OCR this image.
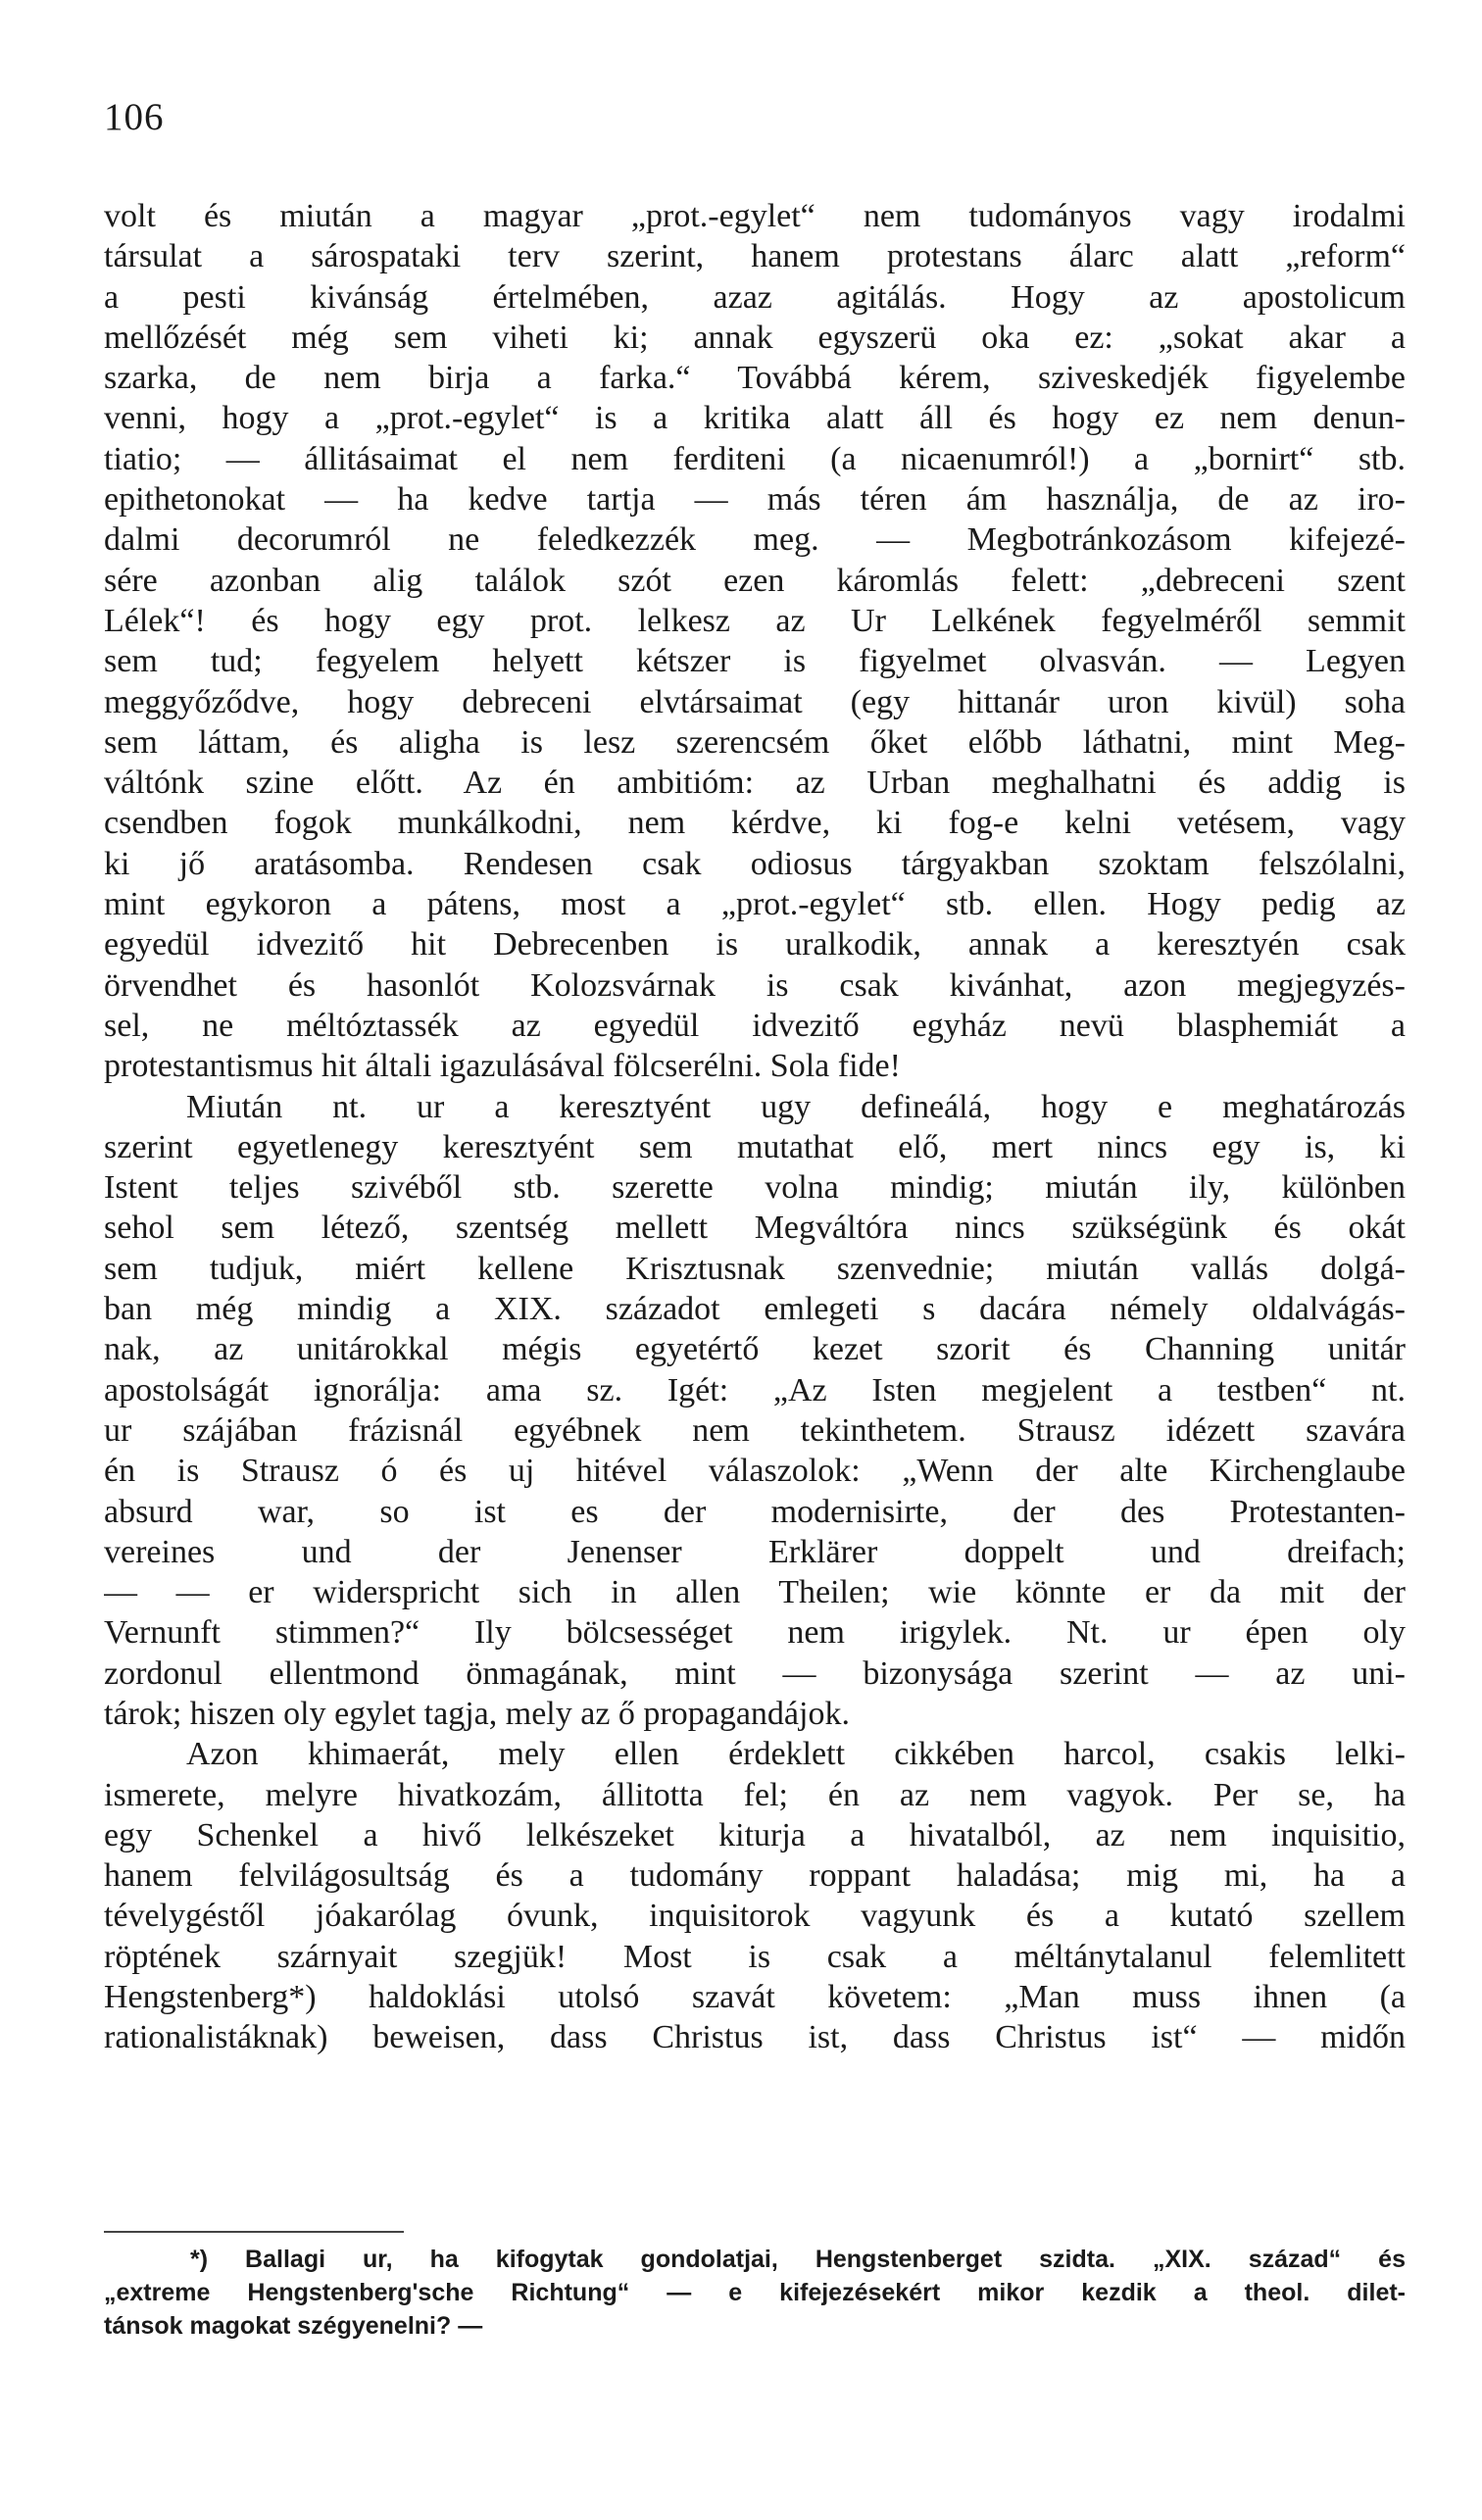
106
volt és miután a magyar „prot.-egylet“ nem tudományos vagy irodalmi
társulat a sárospataki terv szerint, hanem protestans álarc alatt „reform“
a pesti kivánság értelmében, azaz agitálás. Hogy az apostolicum
mellőzését még sem viheti ki; annak egyszerü oka ez: „sokat akar a
szarka, de nem birja a farka.“ Továbbá kérem, sziveskedjék figyelembe
venni, hogy a „prot.-egylet“ is a kritika alatt áll és hogy ez nem denun-
tiatio; — állitásaimat el nem ferditeni (a nicaenumról!) a „bornirt“ stb.
epithetonokat — ha kedve tartja — más téren ám használja, de az iro-
dalmi decorumról ne feledkezzék meg. — Megbotránkozásom kifejezé-
sére azonban alig találok szót ezen káromlás felett: „debreceni szent
Lélek“! és hogy egy prot. lelkesz az Ur Lelkének fegyelméről semmit
sem tud; fegyelem helyett kétszer is figyelmet olvasván. — Legyen
meggyőződve, hogy debreceni elvtársaimat (egy hittanár uron kivül) soha
sem láttam, és aligha is lesz szerencsém őket előbb láthatni, mint Meg-
váltónk szine előtt. Az én ambitióm: az Urban meghalhatni és addig is
csendben fogok munkálkodni, nem kérdve, ki fog-e kelni vetésem, vagy
ki jő aratásomba. Rendesen csak odiosus tárgyakban szoktam felszólalni,
mint egykoron a pátens, most a „prot.-egylet“ stb. ellen. Hogy pedig az
egyedül idvezitő hit Debrecenben is uralkodik, annak a keresztyén csak
örvendhet és hasonlót Kolozsvárnak is csak kivánhat, azon megjegyzés-
sel, ne méltóztassék az egyedül idvezitő egyház nevü blasphemiát a
protestantismus hit általi igazulásával fölcserélni. Sola fide!
Miután nt. ur a keresztyént ugy defineálá, hogy e meghatározás
szerint egyetlenegy keresztyént sem mutathat elő, mert nincs egy is, ki
Istent teljes szivéből stb. szerette volna mindig; miután ily, különben
sehol sem létező, szentség mellett Megváltóra nincs szükségünk és okát
sem tudjuk, miért kellene Krisztusnak szenvednie; miután vallás dolgá-
ban még mindig a XIX. századot emlegeti s dacára némely oldalvágás-
nak, az unitárokkal mégis egyetértő kezet szorit és Channing unitár
apostolságát ignorálja: ama sz. Igét: „Az Isten megjelent a testben“ nt.
ur szájában frázisnál egyébnek nem tekinthetem. Strausz idézett szavára
én is Strausz ó és uj hitével válaszolok: „Wenn der alte Kirchenglaube
absurd war, so ist es der modernisirte, der des Protestanten-
vereines und der Jenenser Erklärer doppelt und dreifach;
— — er widerspricht sich in allen Theilen; wie könnte er da mit der
Vernunft stimmen?“ Ily bölcsességet nem irigylek. Nt. ur épen oly
zordonul ellentmond önmagának, mint — bizonysága szerint — az uni-
tárok; hiszen oly egylet tagja, mely az ő propagandájok.
Azon khimaerát, mely ellen érdeklett cikkében harcol, csakis lelki-
ismerete, melyre hivatkozám, állitotta fel; én az nem vagyok. Per se, ha
egy Schenkel a hivő lelkészeket kiturja a hivatalból, az nem inquisitio,
hanem felvilágosultság és a tudomány roppant haladása; mig mi, ha a
tévelygéstől jóakarólag óvunk, inquisitorok vagyunk és a kutató szellem
röptének szárnyait szegjük! Most is csak a méltánytalanul felemlitett
Hengstenberg*) haldoklási utolsó szavát követem: „Man muss ihnen (a
rationalistáknak) beweisen, dass Christus ist, dass Christus ist“ — midőn
*) Ballagi ur, ha kifogytak gondolatjai, Hengstenberget szidta. „XIX. század“ és
„extreme Hengstenberg'sche Richtung“ — e kifejezésekért mikor kezdik a theol. dilet-
tánsok magokat szégyenelni? —
